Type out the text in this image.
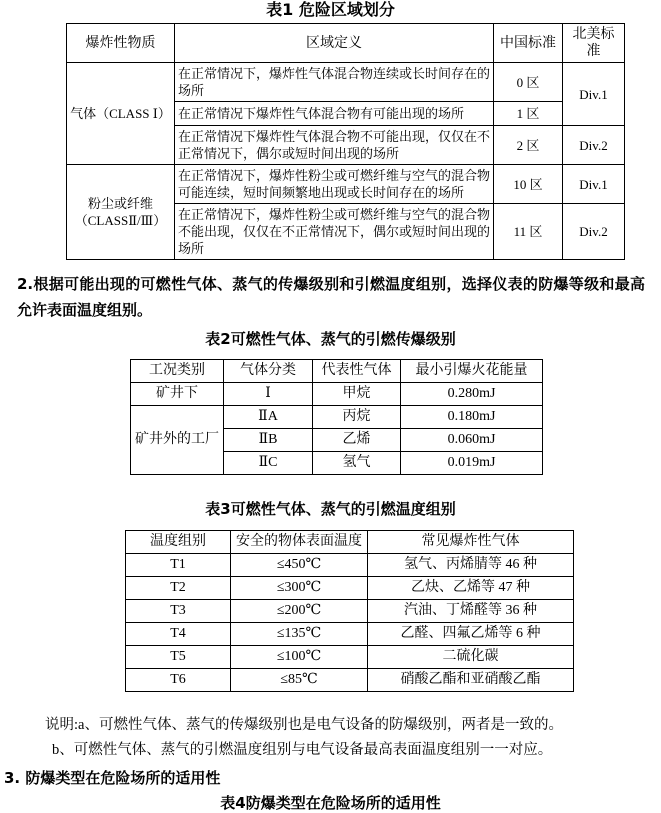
表1 危险区域划分
爆炸性物质	区域定义	中国标准	北美标准
气体（CLASS Ⅰ）	在正常情况下，爆炸性气体混合物连续或长时间存在的场所	0 区	Div.1
	在正常情况下爆炸性气体混合物有可能出现的场所	1 区	
	在正常情况下爆炸性气体混合物不可能出现，仅仅在不正常情况下，偶尔或短时间出现的场所	2 区	Div.2
粉尘或纤维 （CLASSⅡ/Ⅲ）	在正常情况下，爆炸性粉尘或可燃纤维与空气的混合物可能连续，短时间频繁地出现或长时间存在的场所	10 区	Div.1
	在正常情况下，爆炸性粉尘或可燃纤维与空气的混合物不能出现，仅仅在不正常情况下，偶尔或短时间出现的场所	11 区	Div.2
2.根据可能出现的可燃性气体、蒸气的传爆级别和引燃温度组别，选择仪表的防爆等级和最高允许表面温度组别。
表2可燃性气体、蒸气的引燃传爆级别
工况类别	气体分类	代表性气体	最小引爆火花能量
矿井下	Ⅰ	甲烷	0.280mJ
矿井外的工厂	ⅡA	丙烷	0.180mJ
	ⅡB	乙烯	0.060mJ
	ⅡC	氢气	0.019mJ
表3可燃性气体、蒸气的引燃温度组别
温度组别	安全的物体表面温度	常见爆炸性气体
T1	≤450℃	氢气、丙烯腈等 46 种
T2	≤300℃	乙炔、乙烯等 47 种
T3	≤200℃	汽油、丁烯醛等 36 种
T4	≤135℃	乙醛、四氟乙烯等 6 种
T5	≤100℃	二硫化碳
T6	≤85℃	硝酸乙酯和亚硝酸乙酯
说明:a、可燃性气体、蒸气的传爆级别也是电气设备的防爆级别，两者是一致的。
b、可燃性气体、蒸气的引燃温度组别与电气设备最高表面温度组别一一对应。
3. 防爆类型在危险场所的适用性
表4防爆类型在危险场所的适用性
